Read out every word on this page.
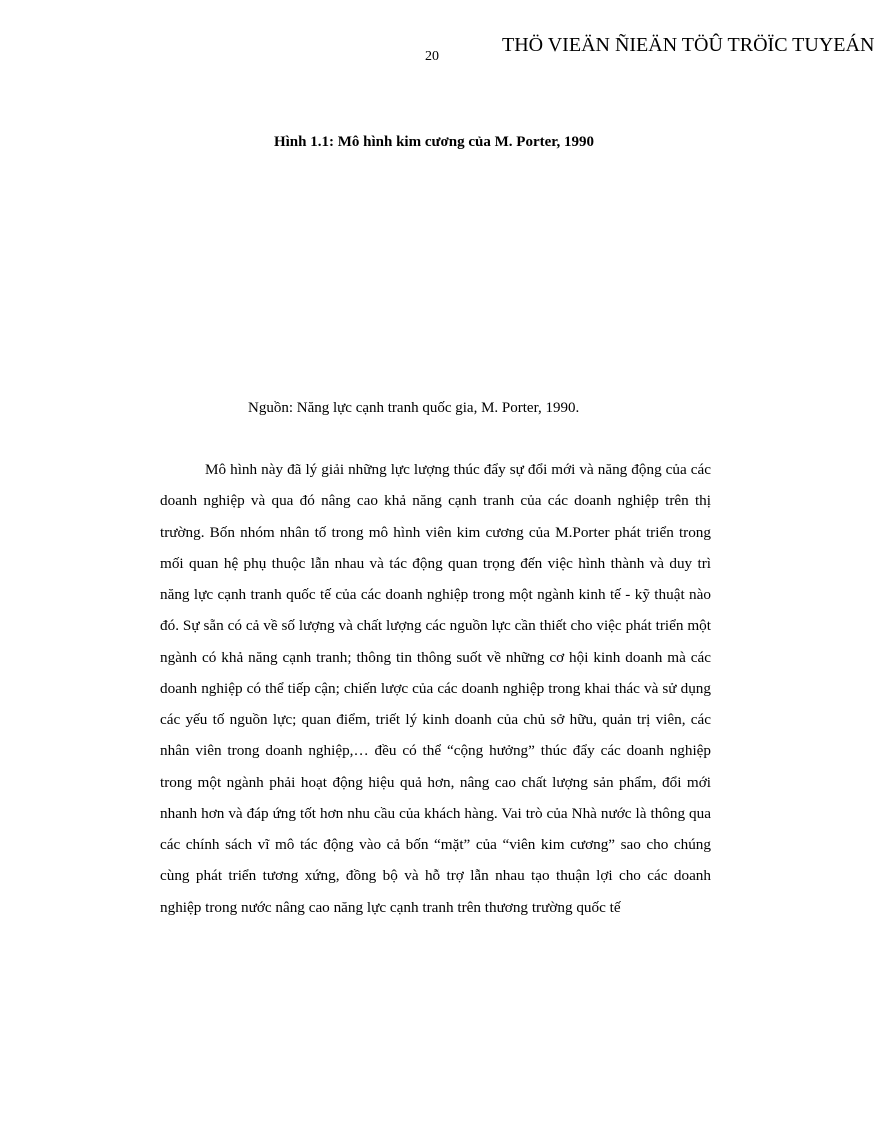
THÖ VIEÄN ÑIEÄN TÖÛ TRÖÏC TUYEÁN
20
Hình 1.1: Mô hình kim cương của M. Porter, 1990
Nguồn: Năng lực cạnh tranh quốc gia, M. Porter, 1990.

Mô hình này đã lý giải những lực lượng thúc đẩy sự đổi mới và năng động của các doanh nghiệp và qua đó nâng cao khả năng cạnh tranh của các doanh nghiệp trên thị trường. Bốn nhóm nhân tố trong mô hình viên kim cương của M.Porter phát triển trong mối quan hệ phụ thuộc lẫn nhau và tác động quan trọng đến việc hình thành và duy trì năng lực cạnh tranh quốc tế của các doanh nghiệp trong một ngành kinh tế - kỹ thuật nào đó. Sự sẵn có cả về số lượng và chất lượng các nguồn lực cần thiết cho việc phát triển một ngành có khả năng cạnh tranh; thông tin thông suốt về những cơ hội kinh doanh mà các doanh nghiệp có thể tiếp cận; chiến lược của các doanh nghiệp trong khai thác và sử dụng các yếu tố nguồn lực; quan điểm, triết lý kinh doanh của chủ sở hữu, quản trị viên, các nhân viên trong doanh nghiệp,… đều có thể “cộng hưởng” thúc đẩy các doanh nghiệp trong một ngành phải hoạt động hiệu quả hơn, nâng cao chất lượng sản phẩm, đổi mới nhanh hơn và đáp ứng tốt hơn nhu cầu của khách hàng. Vai trò của Nhà nước là thông qua các chính sách vĩ mô tác động vào cả bốn “mặt” của “viên kim cương” sao cho chúng cùng phát triển tương xứng, đồng bộ và hỗ trợ lẫn nhau tạo thuận lợi cho các doanh nghiệp trong nước nâng cao năng lực cạnh tranh trên thương trường quốc tế
